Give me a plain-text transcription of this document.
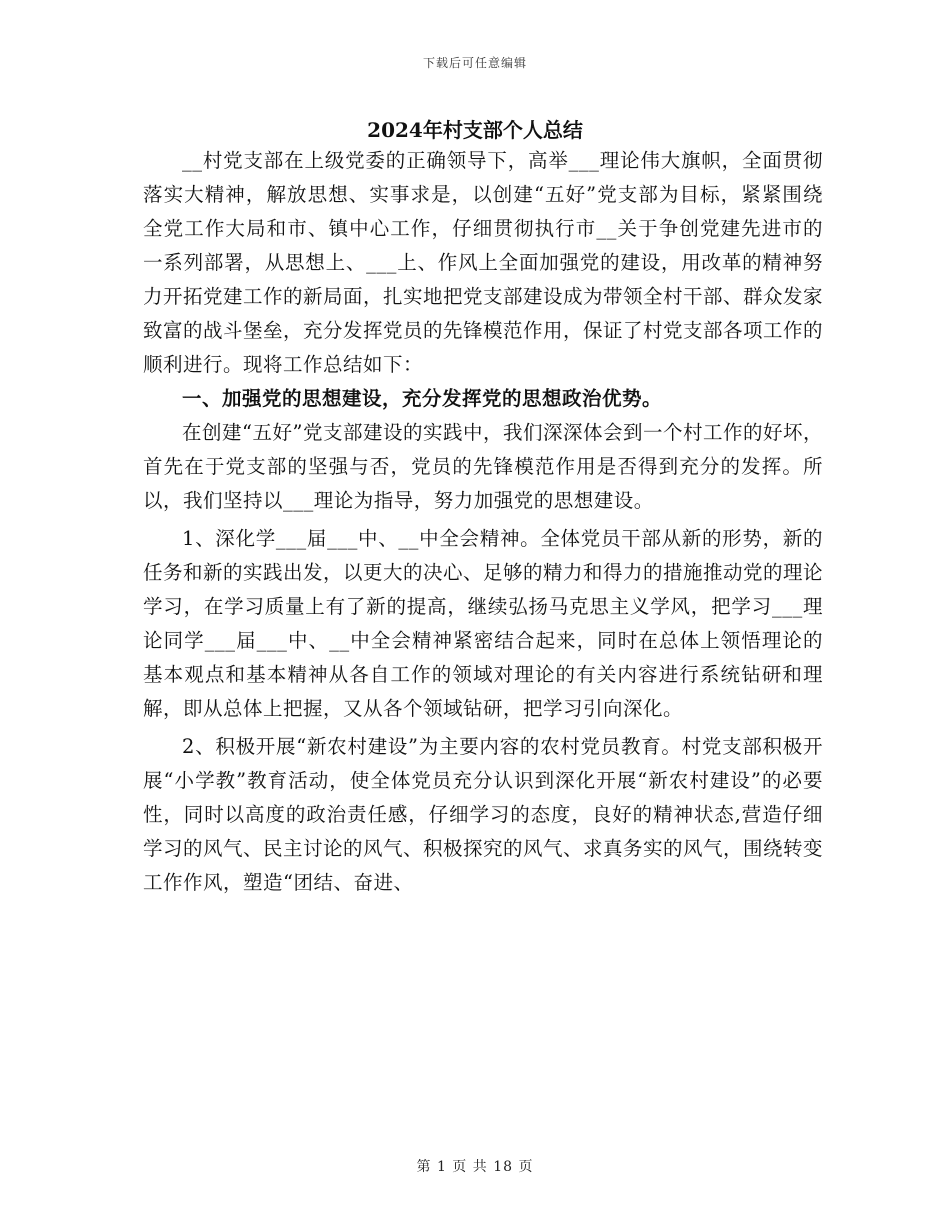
下载后可任意编辑
2024年村支部个人总结

__村党支部在上级党委的正确领导下，高举___理论伟大旗帜，全面贯彻落实大精神，解放思想、实事求是，以创建“五好”党支部为目标，紧紧围绕全党工作大局和市、镇中心工作，仔细贯彻执行市__关于争创党建先进市的一系列部署，从思想上、___上、作风上全面加强党的建设，用改革的精神努力开拓党建工作的新局面，扎实地把党支部建设成为带领全村干部、群众发家致富的战斗堡垒，充分发挥党员的先锋模范作用，保证了村党支部各项工作的顺利进行。现将工作总结如下：

一、加强党的思想建设，充分发挥党的思想政治优势。

在创建“五好”党支部建设的实践中，我们深深体会到一个村工作的好坏，首先在于党支部的坚强与否，党员的先锋模范作用是否得到充分的发挥。所以，我们坚持以___理论为指导，努力加强党的思想建设。

1、深化学___届___中、__中全会精神。全体党员干部从新的形势，新的任务和新的实践出发，以更大的决心、足够的精力和得力的措施推动党的理论学习，在学习质量上有了新的提高，继续弘扬马克思主义学风，把学习___理论同学___届___中、__中全会精神紧密结合起来，同时在总体上领悟理论的基本观点和基本精神从各自工作的领域对理论的有关内容进行系统钻研和理解，即从总体上把握，又从各个领域钻研，把学习引向深化。

2、积极开展“新农村建设”为主要内容的农村党员教育。村党支部积极开展“小学教”教育活动，使全体党员充分认识到深化开展“新农村建设”的必要性，同时以高度的政治责任感，仔细学习的态度，良好的精神状态,营造仔细学习的风气、民主讨论的风气、积极探究的风气、求真务实的风气，围绕转变工作作风，塑造“团结、奋进、

第 1 页 共 18 页
